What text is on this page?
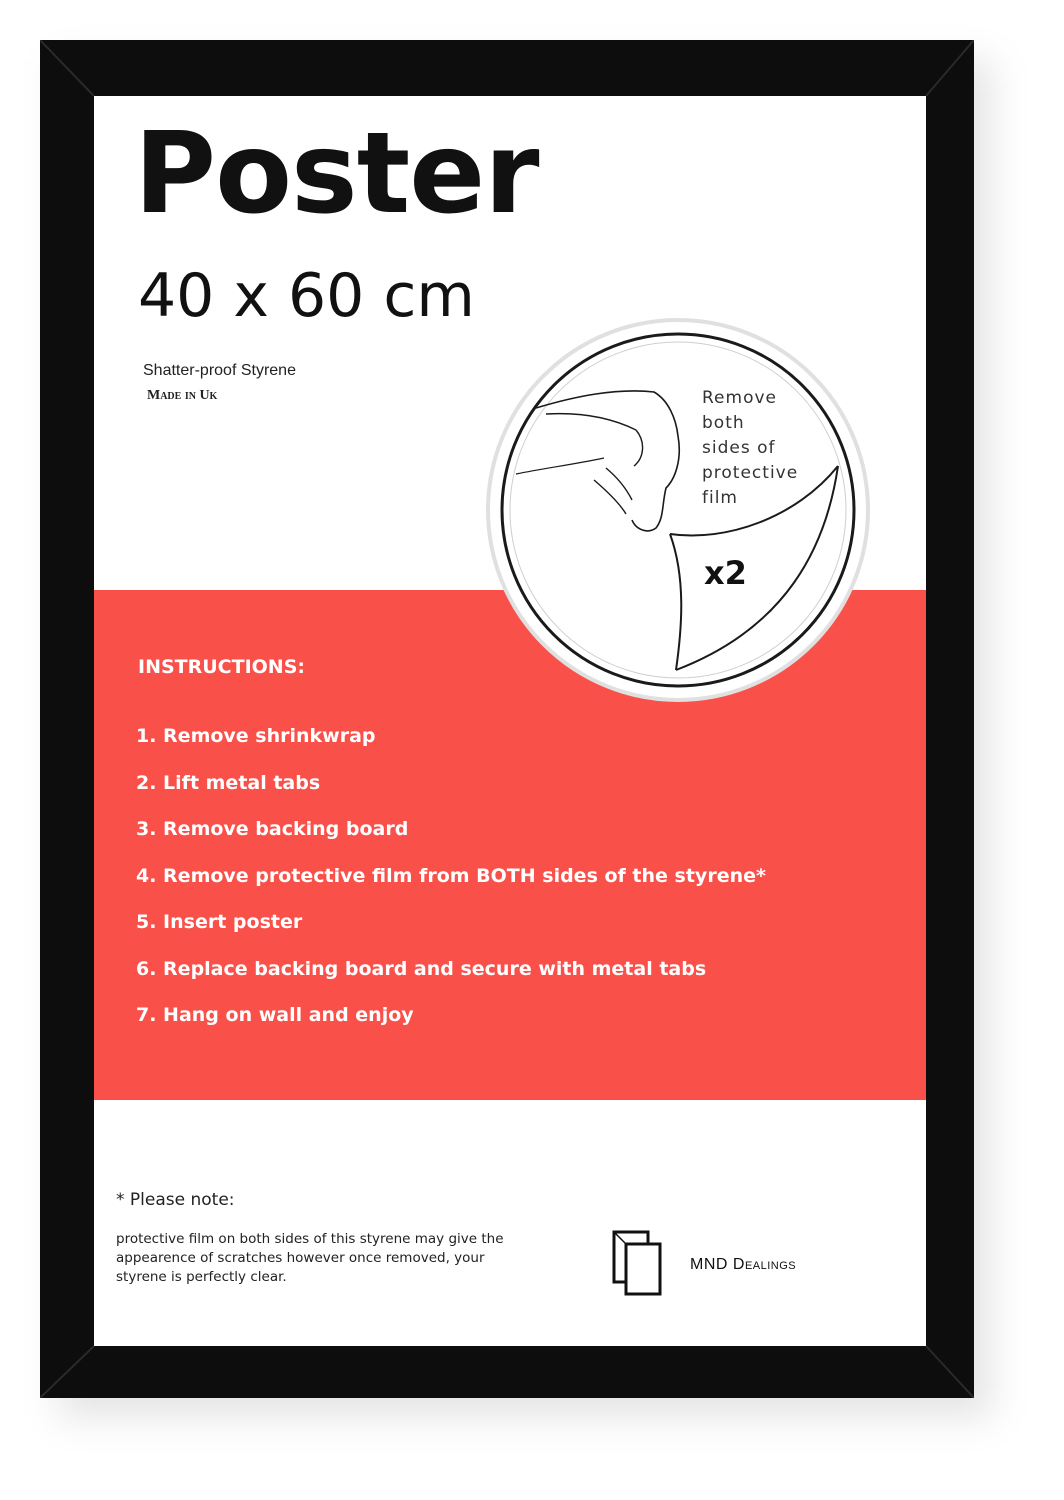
Poster
40 x 60 cm
Shatter-proof Styrene
Made in Uk	Remove
both
sides of
protective
film
x2
INSTRUCTIONS:
1. Remove shrinkwrap
2. Lift metal tabs
3. Remove backing board
4. Remove protective film from BOTH sides of the styrene*
5. Insert poster
6. Replace backing board and secure with metal tabs
7. Hang on wall and enjoy
* Please note:
protective film on both sides of this styrene may give the appearence of scratches however once removed, your styrene is perfectly clear.
MND Dealings
